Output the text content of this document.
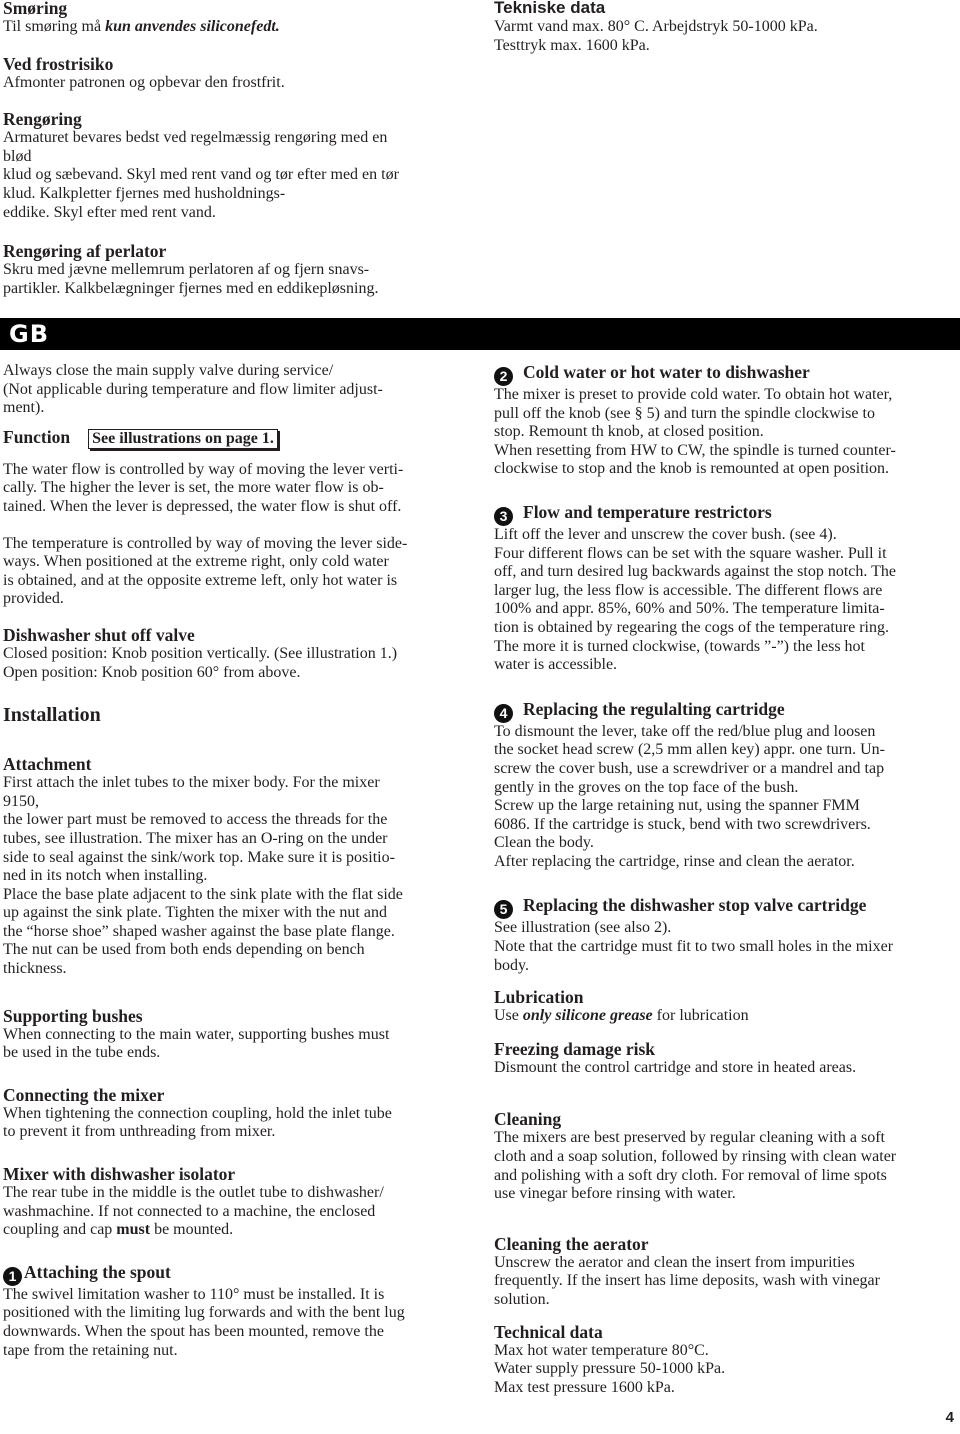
Smøring

Til smøring må kun anvendes siliconefedt.

Ved frostrisiko

Afmonter patronen og opbevar den frostfrit.

Rengøring

Armaturet bevares bedst ved regelmæssig rengøring med en
blød
klud og sæbevand. Skyl med rent vand og tør efter med en tør
klud. Kalkpletter fjernes med husholdnings-
eddike. Skyl efter med rent vand.

Rengøring af perlator

Skru med jævne mellemrum perlatoren af og fjern snavs-
partikler. Kalkbelægninger fjernes med en eddikepløsning.

Tekniske data

Varmt vand max. 80° C. Arbejdstryk 50-1000 kPa.
Testtryk max. 1600 kPa.

GB

Always close the main supply valve during service/
(Not applicable during temperature and flow limiter adjust-
ment).

Function See illustrations on page 1.

The water flow is controlled by way of moving the lever verti-
cally. The higher the lever is set, the more water flow is ob-
tained. When the lever is depressed, the water flow is shut off.

The temperature is controlled by way of moving the lever side-
ways. When positioned at the extreme right, only cold water
is obtained, and at the opposite extreme left, only hot water is
provided.

Dishwasher shut off valve

Closed position: Knob position vertically. (See illustration 1.)
Open position: Knob position 60° from above.

Installation
Attachment

First attach the inlet tubes to the mixer body. For the mixer
9150,
the lower part must be removed to access the threads for the
tubes, see illustration. The mixer has an O-ring on the under
side to seal against the sink/work top. Make sure it is positio-
ned in its notch when installing.
Place the base plate adjacent to the sink plate with the flat side
up against the sink plate. Tighten the mixer with the nut and
the “horse shoe” shaped washer against the base plate flange.
The nut can be used from both ends depending on bench
thickness.

Supporting bushes

When connecting to the main water, supporting bushes must
be used in the tube ends.

Connecting the mixer

When tightening the connection coupling, hold the inlet tube
to prevent it from unthreading from mixer.

Mixer with dishwasher isolator

The rear tube in the middle is the outlet tube to dishwasher/
washmachine. If not connected to a machine, the enclosed
coupling and cap must be mounted.

1 Attaching the spout

The swivel limitation washer to 110° must be installed. It is
positioned with the limiting lug forwards and with the bent lug
downwards. When the spout has been mounted, remove the
tape from the retaining nut.

2 Cold water or hot water to dishwasher

The mixer is preset to provide cold water. To obtain hot water,
pull off the knob (see § 5) and turn the spindle clockwise to
stop. Remount th knob, at closed position.
When resetting from HW to CW, the spindle is turned counter-
clockwise to stop and the knob is remounted at open position.

3 Flow and temperature restrictors

Lift off the lever and unscrew the cover bush. (see 4).
Four different flows can be set with the square washer. Pull it
off, and turn desired lug backwards against the stop notch. The
larger lug, the less flow is accessible. The different flows are
100% and appr. 85%, 60% and 50%. The temperature limita-
tion is obtained by regearing the cogs of the temperature ring.
The more it is turned clockwise, (towards ”-”) the less hot
water is accessible.

4 Replacing the regulalting cartridge

To dismount the lever, take off the red/blue plug and loosen
the socket head screw (2,5 mm allen key) appr. one turn. Un-
screw the cover bush, use a screwdriver or a mandrel and tap
gently in the groves on the top face of the bush.
Screw up the large retaining nut, using the spanner FMM
6086. If the cartridge is stuck, bend with two screwdrivers.
Clean the body.
After replacing the cartridge, rinse and clean the aerator.

5 Replacing the dishwasher stop valve cartridge

See illustration (see also 2).
Note that the cartridge must fit to two small holes in the mixer
body.

Lubrication

Use only silicone grease for lubrication

Freezing damage risk

Dismount the control cartridge and store in heated areas.

Cleaning

The mixers are best preserved by regular cleaning with a soft
cloth and a soap solution, followed by rinsing with clean water
and polishing with a soft dry cloth. For removal of lime spots
use vinegar before rinsing with water.

Cleaning the aerator

Unscrew the aerator and clean the insert from impurities
frequently. If the insert has lime deposits, wash with vinegar
solution.

Technical data

Max hot water temperature 80°C.
Water supply pressure 50-1000 kPa.
Max test pressure 1600 kPa.

4
